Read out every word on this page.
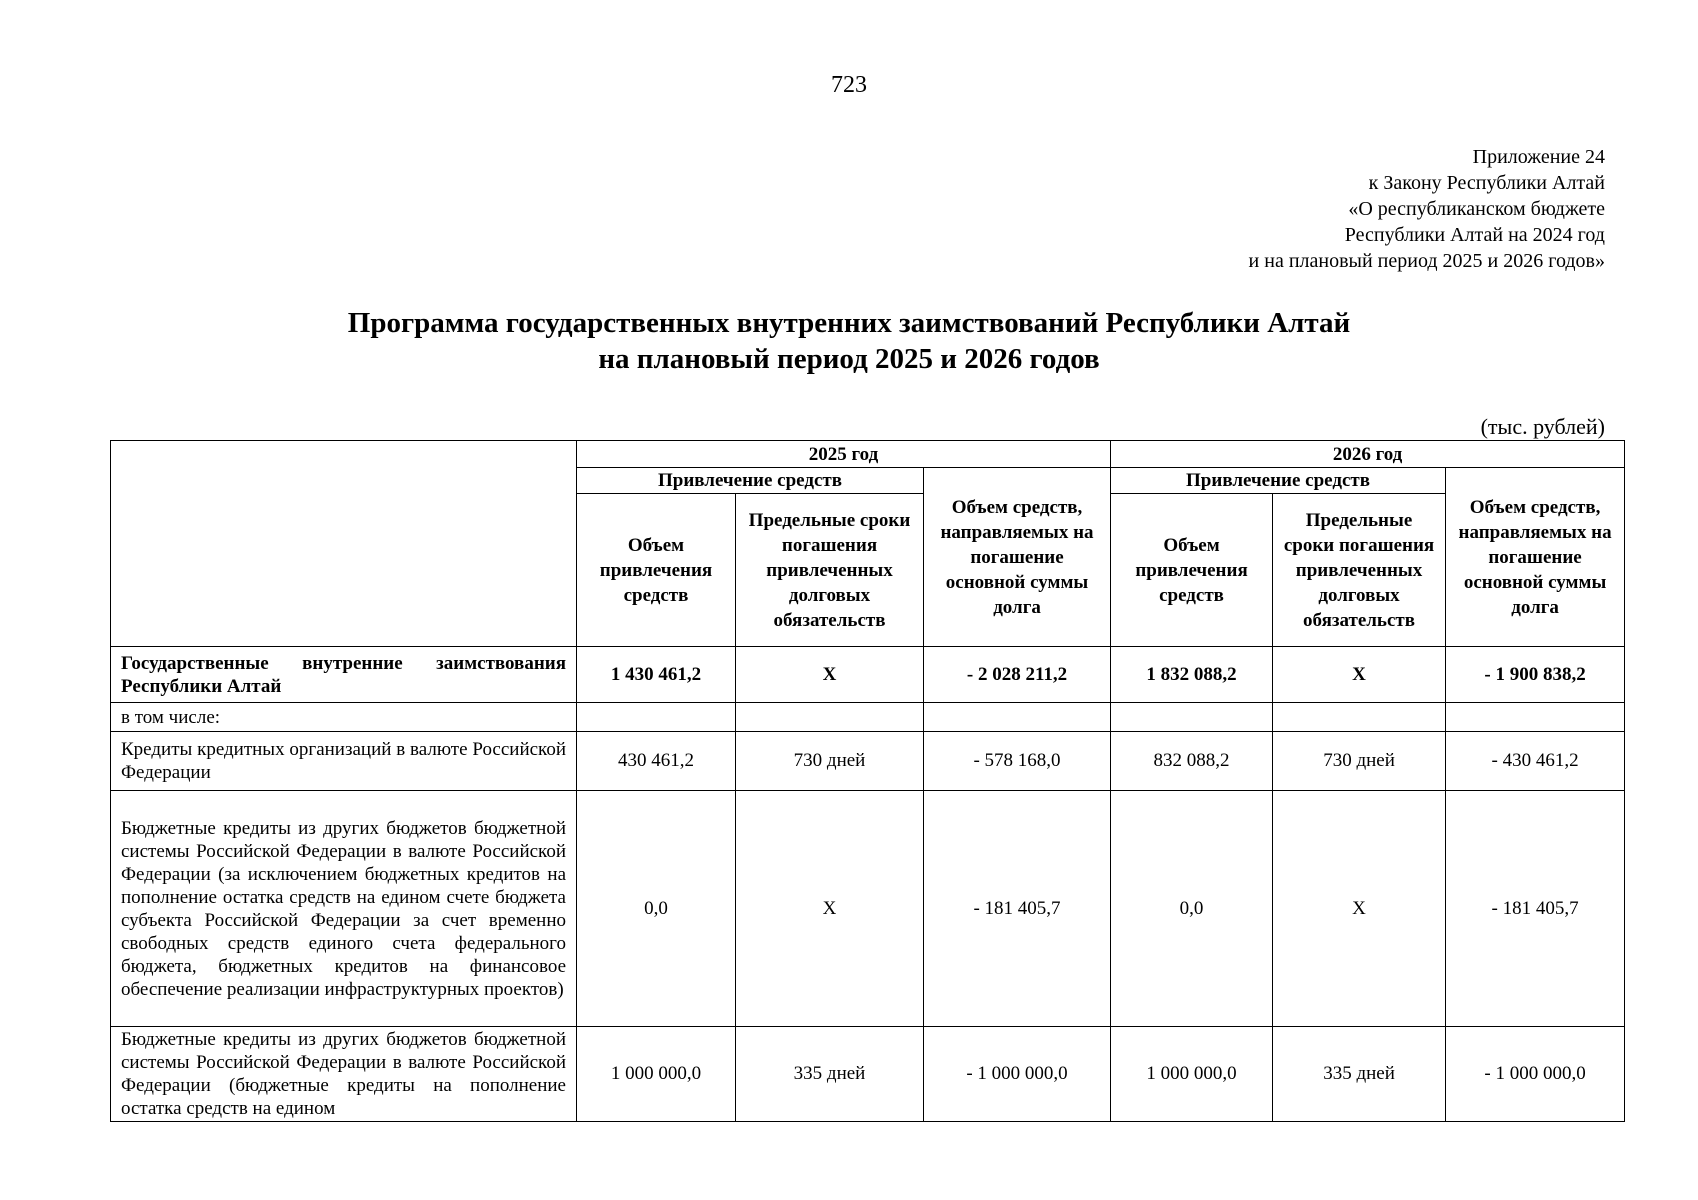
723
Приложение 24
к Закону Республики Алтай
«О республиканском бюджете
Республики Алтай на 2024 год
и на плановый период 2025 и 2026 годов»
Программа государственных внутренних заимствований Республики Алтай
на плановый период 2025 и 2026 годов
(тыс. рублей)
	2025 год			2026 год		
	Привлечение средств		Объем средств, направляемых на погашение основной суммы долга	Привлечение средств		Объем средств, направляемых на погашение основной суммы долга
	Объем привлечения средств	Предельные сроки погашения привлеченных долговых обязательств		Объем привлечения средств	Предельные сроки погашения привлеченных долговых обязательств	
Государственные внутренние заимствования Республики Алтай	1 430 461,2	X	- 2 028 211,2	1 832 088,2	X	- 1 900 838,2
в том числе:						
Кредиты кредитных организаций в валюте Российской Федерации	430 461,2	730 дней	- 578 168,0	832 088,2	730 дней	- 430 461,2
Бюджетные кредиты из других бюджетов бюджетной системы Российской Федерации в валюте Российской Федерации (за исключением бюджетных кредитов на пополнение остатка средств на едином счете бюджета субъекта Российской Федерации за счет временно свободных средств единого счета федерального бюджета, бюджетных кредитов на финансовое обеспечение реализации инфраструктурных проектов)	0,0	X	- 181 405,7	0,0	X	- 181 405,7
Бюджетные кредиты из других бюджетов бюджетной системы Российской Федерации в валюте Российской Федерации (бюджетные кредиты на пополнение остатка средств на едином	1 000 000,0	335 дней	- 1 000 000,0	1 000 000,0	335 дней	- 1 000 000,0
